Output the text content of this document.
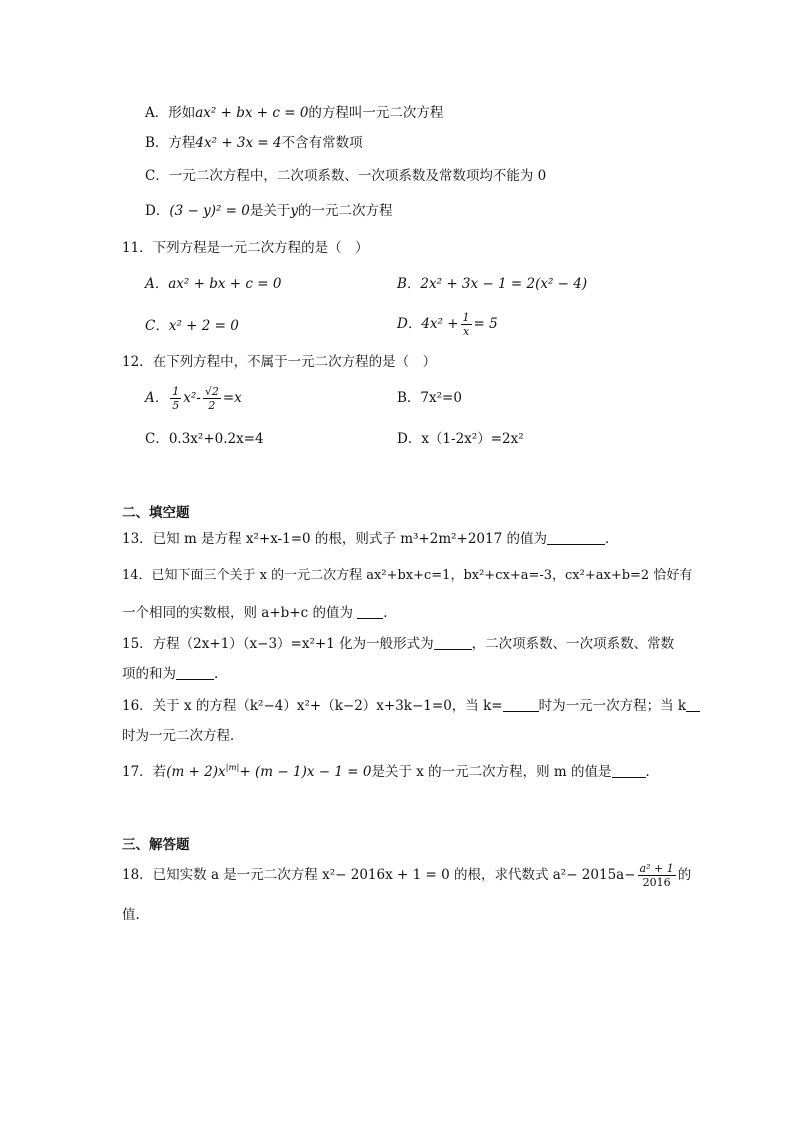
A．形如ax² + bx + c = 0的方程叫一元二次方程
B．方程4x² + 3x = 4不含有常数项
C．一元二次方程中，二次项系数、一次项系数及常数项均不能为 0
D．(3 − y)² = 0是关于y的一元二次方程
11．下列方程是一元二次方程的是（　）
A．ax² + bx + c = 0	B．2x² + 3x − 1 = 2(x² − 4)
C．x² + 2 = 0	D．$4x^2 + \frac{1}{x} = 5$
12．在下列方程中，不属于一元二次方程的是（　）
A． $\frac{1}{5} x^2- \frac{√2}{2} =x$	B．7x²=0
C．0.3x²+0.2x=4	D．x（1-2x²）=2x²
二、填空题
13．已知 m 是方程 x²+x-1=0 的根，则式子 m³+2m²+2017 的值为	．
14．已知下面三个关于 x 的一元二次方程 ax²+bx+c=1，bx²+cx+a=-3，cx²+ax+b=2 恰好有
一个相同的实数根，则 a+b+c 的值为 ．
15．方程（2x+1）（x−3）=x²+1 化为一般形式为	，二次项系数、一次项系数、常数
项的和为	.
16．关于 x 的方程（k²−4）x²+（k−2）x+3k−1=0，当 k=	时为一元一次方程；当 k
时为一元二次方程．
17．若$(m + 2)x^{|m|}+ (m - 1)x - 1 = 0$是关于 x 的一元二次方程，则 m 的值是	．
三、解答题
18．已知实数 a 是一元二次方程 x²− 2016x + 1 = 0 的根，求代数式 $a^2- 2015a- \frac{\text{a² + 1}}{2016}$ 的
值.
